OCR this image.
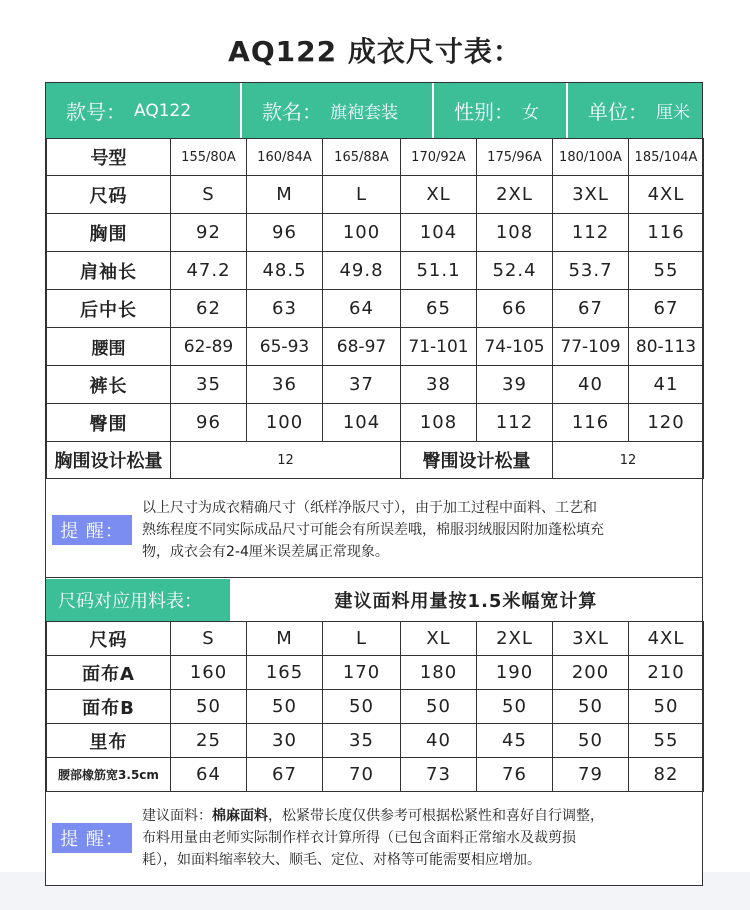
AQ122 成衣尺寸表：
款号： AQ122	款名： 旗袍套装	性别： 女 单位： 厘米
号型	155/80A	160/84A	165/88A	170/92A	175/96A	180/100A	185/104A
尺码	S	M	L	XL	2XL	3XL	4XL
胸围	92	96	100	104	108	112	116
肩袖长	47.2	48.5	49.8	51.1	52.4	53.7	55
后中长	62	63	64	65	66	67	67
腰围	62-89	65-93	68-97	71-101	74-105	77-109	80-113
裤长	35	36	37	38	39	40	41
臀围	96	100	104	108	112	116	120
胸围设计松量	12			臀围设计松量		12	
提 醒：
以上尺寸为成衣精确尺寸（纸样净版尺寸），由于加工过程中面料、工艺和
熟练程度不同实际成品尺寸可能会有所误差哦，棉服羽绒服因附加蓬松填充
物，成衣会有2-4厘米误差属正常现象。
尺码对应用料表：	建议面料用量按1.5米幅宽计算
尺码	S	M	L	XL	2XL	3XL	4XL
面布A	160	165	170	180	190	200	210
面布B	50	50	50	50	50	50	50
里布	25	30	35	40	45	50	55
腰部橡筋宽3.5cm	64	67	70	73	76	79	82
提 醒：
建议面料：棉麻面料，松紧带长度仅供参考可根据松紧性和喜好自行调整，
布料用量由老师实际制作样衣计算所得（已包含面料正常缩水及裁剪损
耗），如面料缩率较大、顺毛、定位、对格等可能需要相应增加。
